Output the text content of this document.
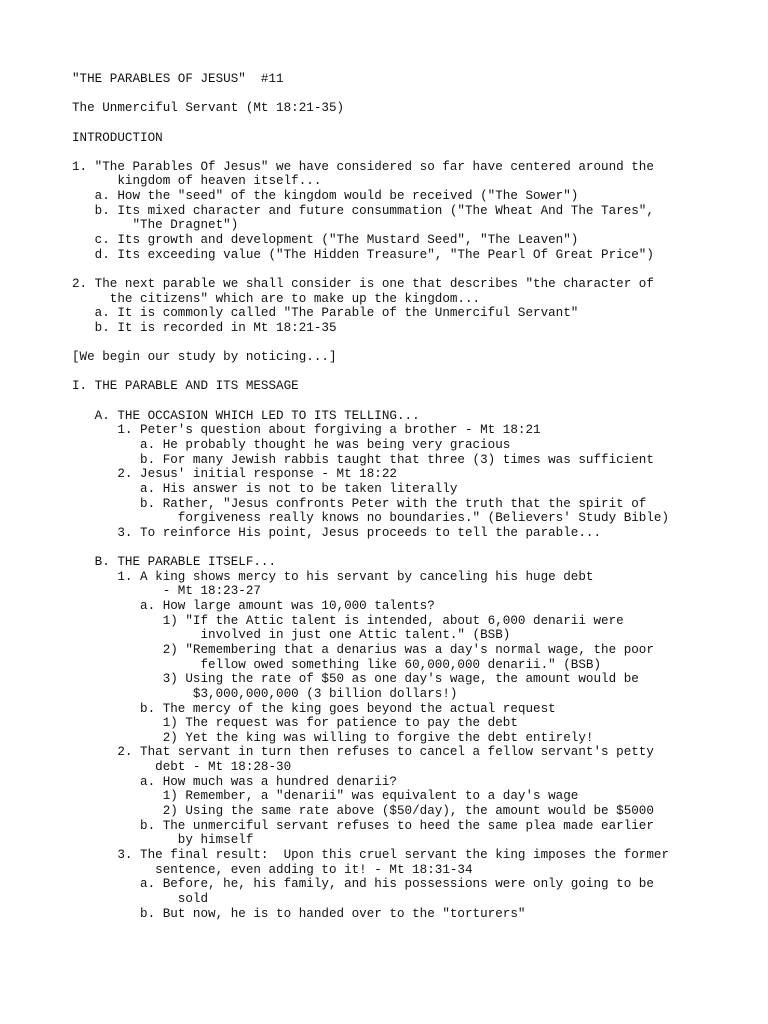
"THE PARABLES OF JESUS"  #11
The Unmerciful Servant (Mt 18:21-35)
INTRODUCTION
1. "The Parables Of Jesus" we have considered so far have centered around the
kingdom of heaven itself...
a. How the "seed" of the kingdom would be received ("The Sower")
b. Its mixed character and future consummation ("The Wheat And The Tares",
"The Dragnet")
c. Its growth and development ("The Mustard Seed", "The Leaven")
d. Its exceeding value ("The Hidden Treasure", "The Pearl Of Great Price")
2. The next parable we shall consider is one that describes "the character of
the citizens" which are to make up the kingdom...
a. It is commonly called "The Parable of the Unmerciful Servant"
b. It is recorded in Mt 18:21-35
[We begin our study by noticing...]
I. THE PARABLE AND ITS MESSAGE
A. THE OCCASION WHICH LED TO ITS TELLING...
1. Peter's question about forgiving a brother - Mt 18:21
a. He probably thought he was being very gracious
b. For many Jewish rabbis taught that three (3) times was sufficient
2. Jesus' initial response - Mt 18:22
a. His answer is not to be taken literally
b. Rather, "Jesus confronts Peter with the truth that the spirit of
forgiveness really knows no boundaries." (Believers' Study Bible)
3. To reinforce His point, Jesus proceeds to tell the parable...
B. THE PARABLE ITSELF...
1. A king shows mercy to his servant by canceling his huge debt
- Mt 18:23-27
a. How large amount was 10,000 talents?
1) "If the Attic talent is intended, about 6,000 denarii were
involved in just one Attic talent." (BSB)
2) "Remembering that a denarius was a day's normal wage, the poor
fellow owed something like 60,000,000 denarii." (BSB)
3) Using the rate of $50 as one day's wage, the amount would be
$3,000,000,000 (3 billion dollars!)
b. The mercy of the king goes beyond the actual request
1) The request was for patience to pay the debt
2) Yet the king was willing to forgive the debt entirely!
2. That servant in turn then refuses to cancel a fellow servant's petty
debt - Mt 18:28-30
a. How much was a hundred denarii?
1) Remember, a "denarii" was equivalent to a day's wage
2) Using the same rate above ($50/day), the amount would be $5000
b. The unmerciful servant refuses to heed the same plea made earlier
by himself
3. The final result:  Upon this cruel servant the king imposes the former
sentence, even adding to it! - Mt 18:31-34
a. Before, he, his family, and his possessions were only going to be
sold
b. But now, he is to handed over to the "torturers"
